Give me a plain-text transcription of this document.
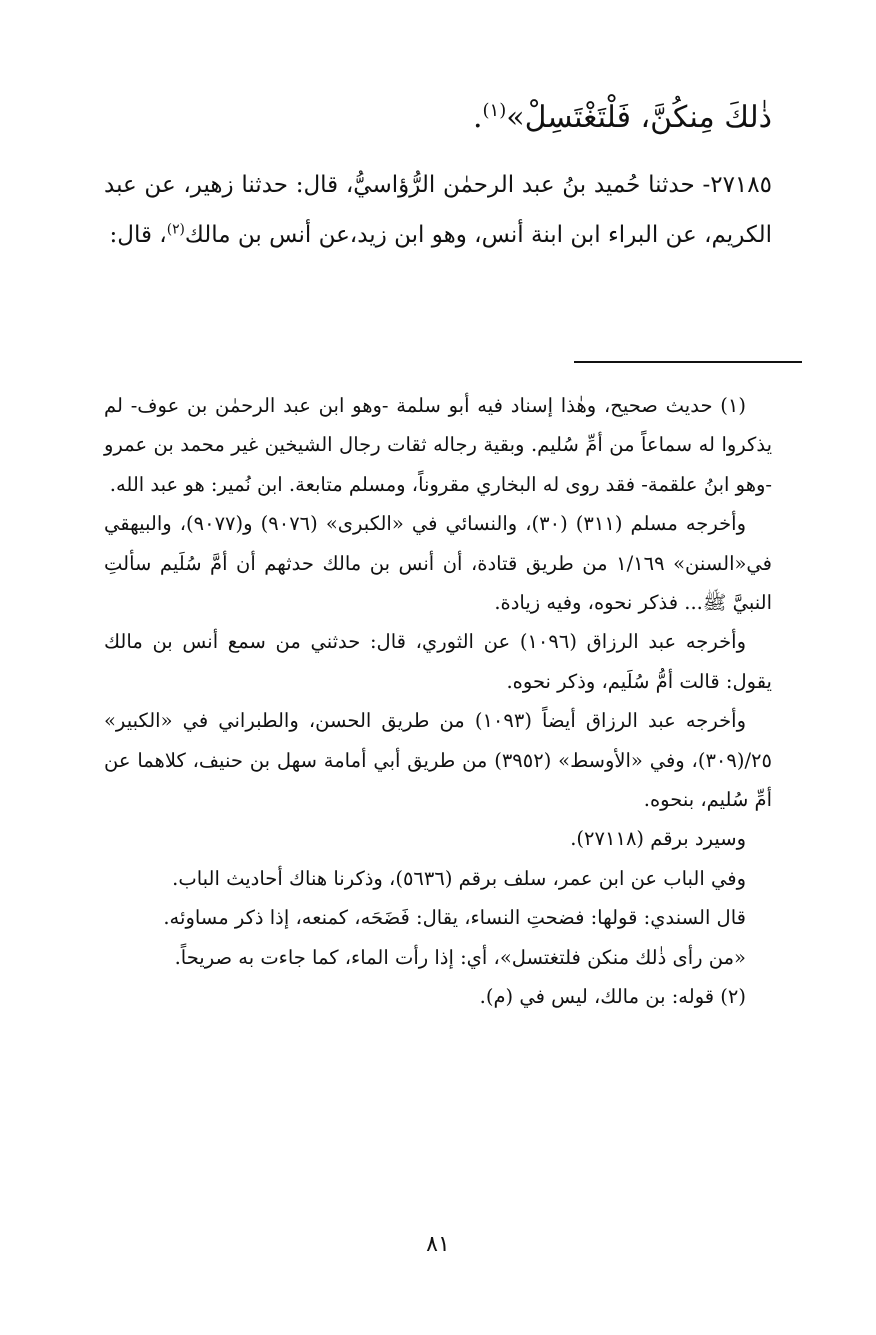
ذٰلكَ مِنكُنَّ، فَلْتَغْتَسِلْ»$^{(١)}$.
٢٧١٨٥- حدثنا حُميد بنُ عبد الرحمٰن الرُّؤاسيُّ، قال: حدثنا زهير، عن عبد الكريم، عن البراء ابن ابنة أنس، وهو ابن زيد،عن أنس بن مالك$^{(٢)}$، قال:

(١) حديث صحيح، وهٰذا إسناد فيه أبو سلمة -وهو ابن عبد الرحمٰن بن عوف- لم يذكروا له سماعاً من أمِّ سُليم. وبقية رجاله ثقات رجال الشيخين غير محمد بن عمرو -وهو ابنُ علقمة- فقد روى له البخاري مقروناً، ومسلم متابعة. ابن نُمير: هو عبد الله.

وأخرجه مسلم (٣١١) (٣٠)، والنسائي في «الكبرى» (٩٠٧٦) و(٩٠٧٧)، والبيهقي في«السنن» ١/١٦٩ من طريق قتادة، أن أنس بن مالك حدثهم أن أمَّ سُلَيم سألتِ النبيَّ ﷺ... فذكر نحوه، وفيه زيادة.

وأخرجه عبد الرزاق (١٠٩٦) عن الثوري، قال: حدثني من سمع أنس بن مالك يقول: قالت أمُّ سُلَيم، وذكر نحوه.

وأخرجه عبد الرزاق أيضاً (١٠٩٣) من طريق الحسن، والطبراني في «الكبير» ٢٥/(٣٠٩)، وفي «الأوسط» (٣٩٥٢) من طريق أبي أمامة سهل بن حنيف، كلاهما عن أمِّ سُليم، بنحوه.

وسيرد برقم (٢٧١١٨).

وفي الباب عن ابن عمر، سلف برقم (٥٦٣٦)، وذكرنا هناك أحاديث الباب.

قال السندي: قولها: فضحتِ النساء، يقال: فَضَحَه، كمنعه، إذا ذكر مساوئه.

«من رأى ذٰلك منكن فلتغتسل»، أي: إذا رأت الماء، كما جاءت به صريحاً.

(٢) قوله: بن مالك، ليس في (م).

٨١
